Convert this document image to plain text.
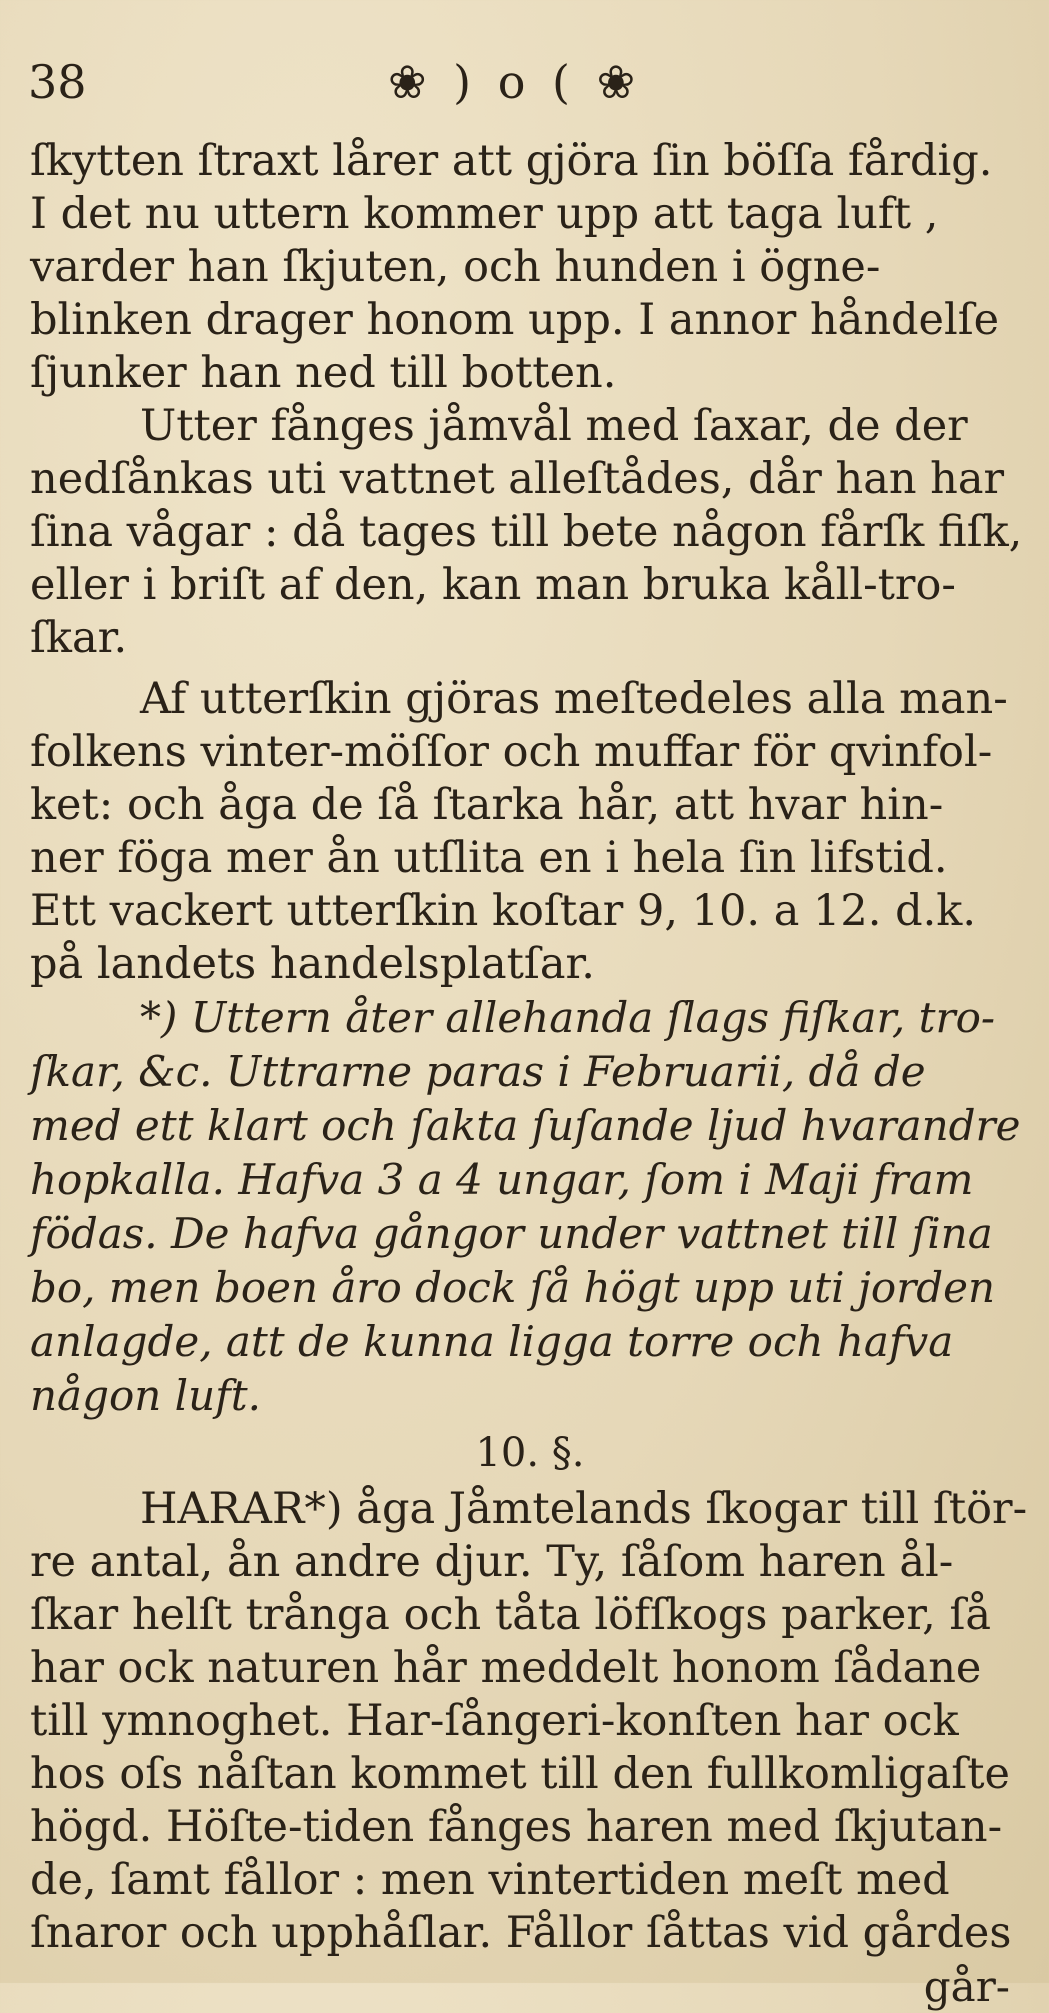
38	❀ ) o ( ❀
ſkytten ſtraxt lårer att gjöra ſin böſſa fårdig.
I det nu uttern kommer upp att taga luft ,
varder han ſkjuten, och hunden i ögne-
blinken drager honom upp. I annor håndelſe
ſjunker han ned till botten.
Utter fånges jåmvål med ſaxar, de der
nedſånkas uti vattnet alleſtådes, dår han har
ſina vågar : då tages till bete någon fårſk fiſk,
eller i briſt af den, kan man bruka kåll-tro-
ſkar.
Af utterſkin gjöras meſtedeles alla man-
folkens vinter-möſſor och muffar för qvinfol-
ket: och åga de ſå ſtarka hår, att hvar hin-
ner föga mer ån utſlita en i hela ſin lifstid.
Ett vackert utterſkin koſtar 9, 10. a 12. d.k.
på landets handelsplatſar.
*) Uttern åter allehanda ſlags fiſkar, tro-
ſkar, &c. Uttrarne paras i Februarii, då de
med ett klart och ſakta ſuſande ljud hvarandre
hopkalla. Hafva 3 a 4 ungar, ſom i Maji fram
födas. De hafva gångor under vattnet till ſina
bo, men boen åro dock ſå högt upp uti jorden
anlagde, att de kunna ligga torre och hafva
någon luft.
10. §.
HARAR*) åga Jåmtelands ſkogar till ſtör-
re antal, ån andre djur. Ty, ſåſom haren ål-
ſkar helſt trånga och tåta löfſkogs parker, ſå
har ock naturen hår meddelt honom ſådane
till ymnoghet. Har-ſångeri-konſten har ock
hos oſs nåſtan kommet till den fullkomligaſte
högd. Höſte-tiden fånges haren med ſkjutan-
de, ſamt fållor : men vintertiden meſt med
ſnaror och upphåſlar. Fållor ſåttas vid gårdes
går-
